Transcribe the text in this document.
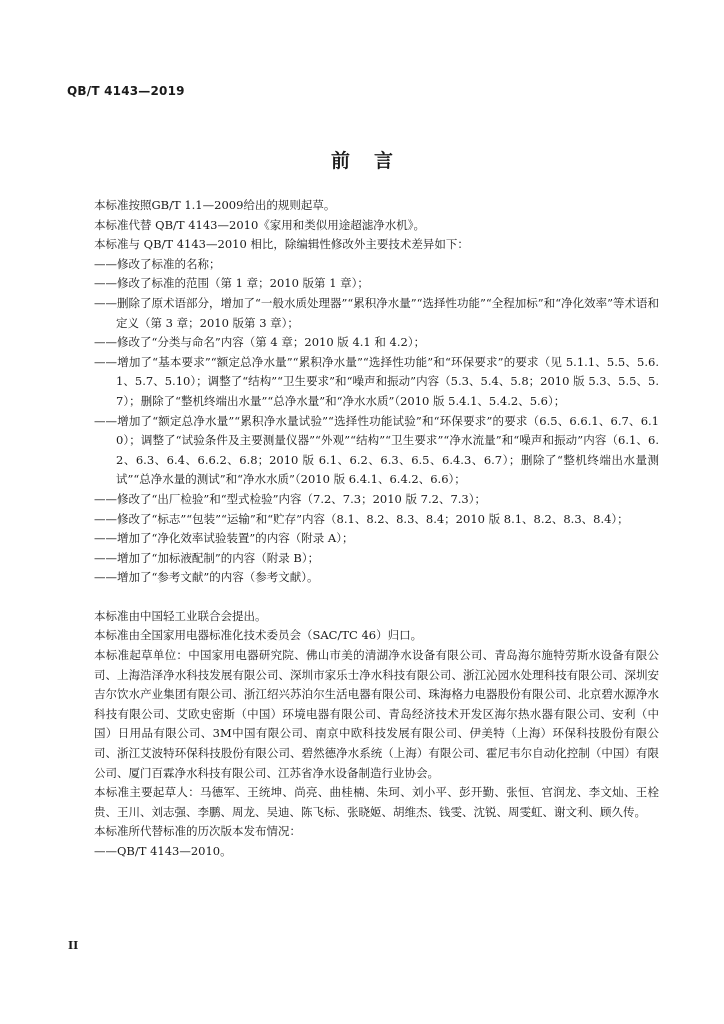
QB/T 4143—2019
前言

本标准按照GB/T 1.1—2009给出的规则起草。

本标准代替 QB/T 4143—2010《家用和类似用途超滤净水机》。

本标准与 QB/T 4143—2010 相比，除编辑性修改外主要技术差异如下：

——修改了标准的名称；

——修改了标准的范围（第 1 章；2010 版第 1 章）；

——删除了原术语部分，增加了“一般水质处理器”“累积净水量”“选择性功能”“全程加标”和“净化效率”等术语和定义（第 3 章；2010 版第 3 章）；

——修改了“分类与命名”内容（第 4 章；2010 版 4.1 和 4.2）；

——增加了“基本要求”“额定总净水量”“累积净水量”“选择性功能”和“环保要求”的要求（见 5.1.1、5.5、5.6.1、5.7、5.10）；调整了“结构”“卫生要求”和“噪声和振动”内容（5.3、5.4、5.8；2010 版 5.3、5.5、5.7）；删除了“整机终端出水量”“总净水量”和“净水水质”（2010 版 5.4.1、5.4.2、5.6）；

——增加了“额定总净水量”“累积净水量试验”“选择性功能试验”和“环保要求”的要求（6.5、6.6.1、6.7、6.10）；调整了“试验条件及主要测量仪器”“外观”“结构”“卫生要求”“净水流量”和“噪声和振动”内容（6.1、6.2、6.3、6.4、6.6.2、6.8；2010 版 6.1、6.2、6.3、6.5、6.4.3、6.7）；删除了“整机终端出水量测试”“总净水量的测试”和“净水水质”（2010 版 6.4.1、6.4.2、6.6）；

——修改了“出厂检验”和“型式检验”内容（7.2、7.3；2010 版 7.2、7.3）；

——修改了“标志”“包装”“运输”和“贮存”内容（8.1、8.2、8.3、8.4；2010 版 8.1、8.2、8.3、8.4）；

——增加了“净化效率试验装置”的内容（附录 A）；

——增加了“加标液配制”的内容（附录 B）；

——增加了“参考文献”的内容（参考文献）。

本标准由中国轻工业联合会提出。

本标准由全国家用电器标准化技术委员会（SAC/TC 46）归口。

本标准起草单位：中国家用电器研究院、佛山市美的清湖净水设备有限公司、青岛海尔施特劳斯水设备有限公司、上海浩泽净水科技发展有限公司、深圳市家乐士净水科技有限公司、浙江沁园水处理科技有限公司、深圳安吉尔饮水产业集团有限公司、浙江绍兴苏泊尔生活电器有限公司、珠海格力电器股份有限公司、北京碧水源净水科技有限公司、艾欧史密斯（中国）环境电器有限公司、青岛经济技术开发区海尔热水器有限公司、安利（中国）日用品有限公司、3M中国有限公司、南京中欧科技发展有限公司、伊美特（上海）环保科技股份有限公司、浙江艾波特环保科技股份有限公司、碧然德净水系统（上海）有限公司、霍尼韦尔自动化控制（中国）有限公司、厦门百霖净水科技有限公司、江苏省净水设备制造行业协会。

本标准主要起草人：马德军、王统坤、尚亮、曲桂楠、朱珂、刘小平、彭开勤、张恒、官润龙、李文灿、王栓贵、王川、刘志强、李鹏、周龙、吴迪、陈飞标、张晓姬、胡维杰、钱雯、沈锐、周雯虹、谢文利、顾久传。

本标准所代替标准的历次版本发布情况：

——QB/T 4143—2010。

II
